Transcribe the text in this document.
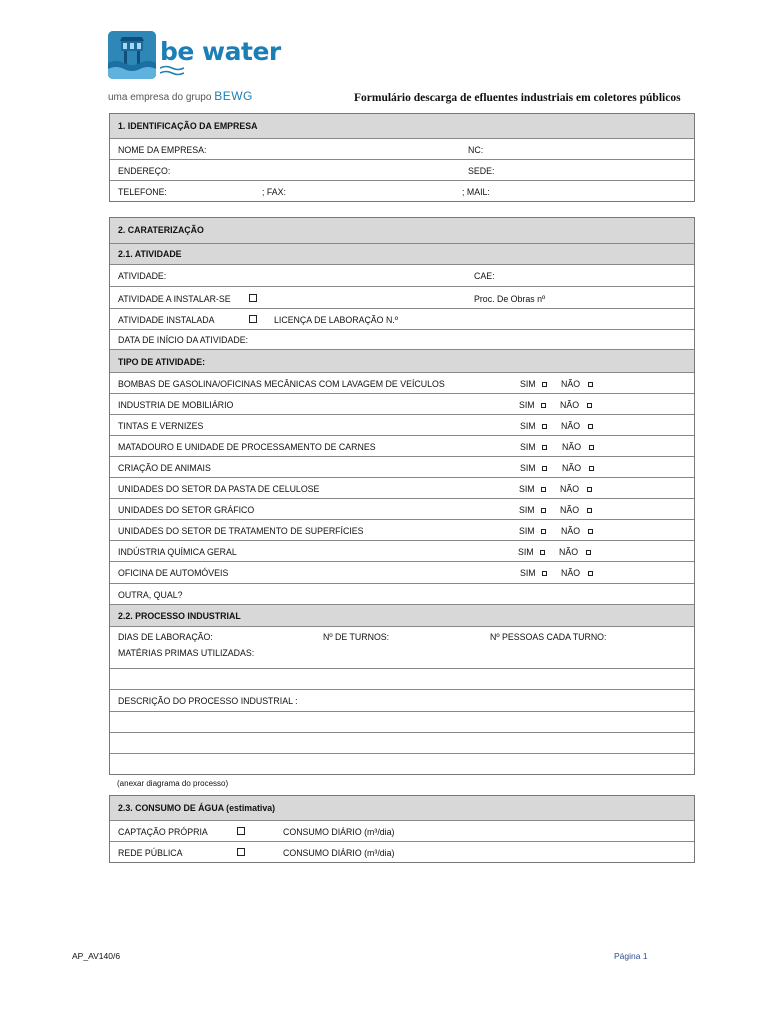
be water
uma empresa do grupo BEWG	Formulário descarga de efluentes industriais em coletores públicos
1. IDENTIFICAÇÃO DA EMPRESA
NOME DA EMPRESA:	NC:
ENDEREÇO:	SEDE:
TELEFONE:	; FAX:	; MAIL:
2. CARATERIZAÇÃO
2.1. ATIVIDADE
ATIVIDADE:	CAE:
ATIVIDADE A INSTALAR-SE	Proc. De Obras nº
ATIVIDADE INSTALADA	LICENÇA DE LABORAÇÃO N.º
DATA DE INÍCIO DA ATIVIDADE:
TIPO DE ATIVIDADE:
BOMBAS DE GASOLINA/OFICINAS MECÂNICAS COM LAVAGEM DE VEÍCULOS	SIM	NÃO
INDUSTRIA DE MOBILIÁRIO	SIM	NÃO
TINTAS E VERNIZES	SIM	NÃO
MATADOURO E UNIDADE DE PROCESSAMENTO DE CARNES	SIM	NÃO
CRIAÇÃO DE ANIMAIS	SIM	NÃO
UNIDADES DO SETOR DA PASTA DE CELULOSE	SIM	NÃO
UNIDADES DO SETOR GRÁFICO	SIM	NÃO
UNIDADES DO SETOR DE TRATAMENTO DE SUPERFÍCIES	SIM	NÃO
INDÚSTRIA QUÍMICA GERAL	SIM	NÃO
OFICINA DE AUTOMÓVEIS	SIM	NÃO
OUTRA, QUAL?
2.2. PROCESSO INDUSTRIAL
DIAS DE LABORAÇÃO:	Nº DE TURNOS:	Nº PESSOAS CADA TURNO:
MATÉRIAS PRIMAS UTILIZADAS:
DESCRIÇÃO DO PROCESSO INDUSTRIAL :
(anexar diagrama do processo)
2.3. CONSUMO DE ÁGUA (estimativa)
CAPTAÇÃO PRÓPRIA	CONSUMO DIÁRIO (m³/dia)
REDE PÚBLICA	CONSUMO DIÁRIO (m³/dia)
AP_AV140/6	Página 1
